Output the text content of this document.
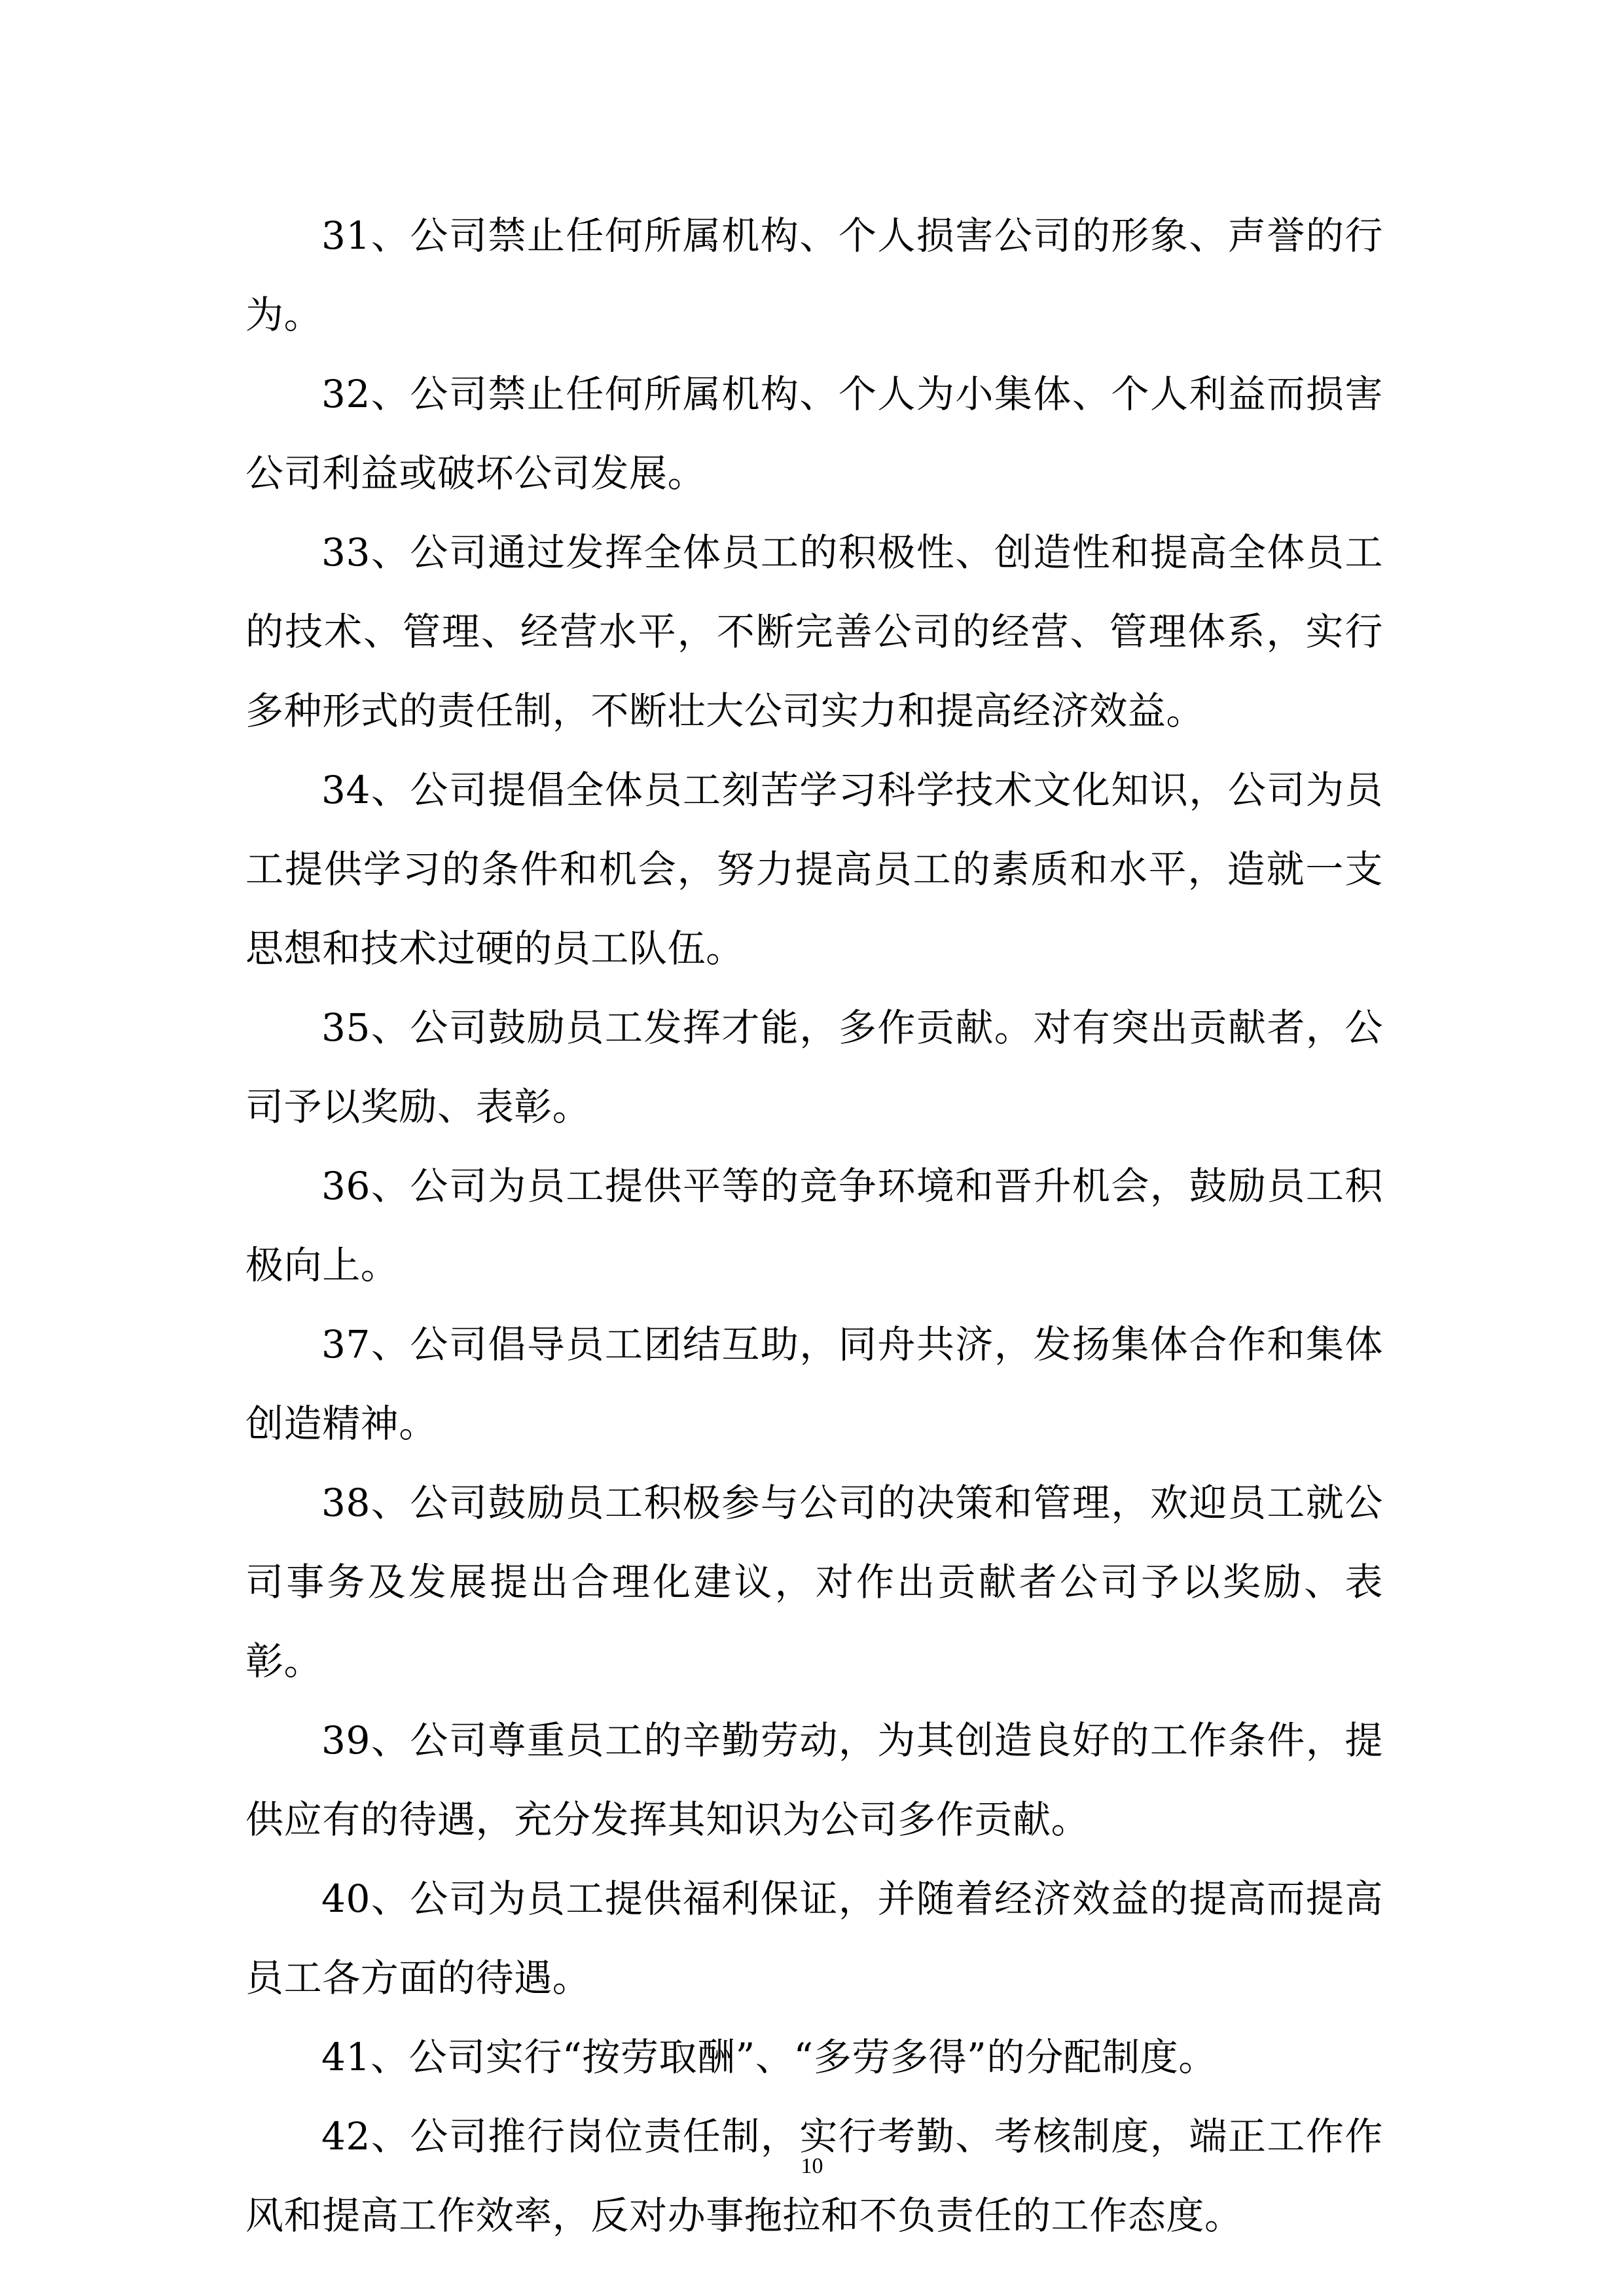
31、公司禁止任何所属机构、个人损害公司的形象、声誉的行为。

32、公司禁止任何所属机构、个人为小集体、个人利益而损害公司利益或破坏公司发展。

33、公司通过发挥全体员工的积极性、创造性和提高全体员工的技术、管理、经营水平，不断完善公司的经营、管理体系，实行多种形式的责任制，不断壮大公司实力和提高经济效益。

34、公司提倡全体员工刻苦学习科学技术文化知识，公司为员工提供学习的条件和机会，努力提高员工的素质和水平，造就一支思想和技术过硬的员工队伍。

35、公司鼓励员工发挥才能，多作贡献。对有突出贡献者，公司予以奖励、表彰。

36、公司为员工提供平等的竞争环境和晋升机会，鼓励员工积极向上。

37、公司倡导员工团结互助，同舟共济，发扬集体合作和集体创造精神。

38、公司鼓励员工积极参与公司的决策和管理，欢迎员工就公司事务及发展提出合理化建议，对作出贡献者公司予以奖励、表彰。

39、公司尊重员工的辛勤劳动，为其创造良好的工作条件，提供应有的待遇，充分发挥其知识为公司多作贡献。

40、公司为员工提供福利保证，并随着经济效益的提高而提高员工各方面的待遇。

41、公司实行“按劳取酬”、“多劳多得”的分配制度。

42、公司推行岗位责任制，实行考勤、考核制度，端正工作作风和提高工作效率，反对办事拖拉和不负责任的工作态度。

10
